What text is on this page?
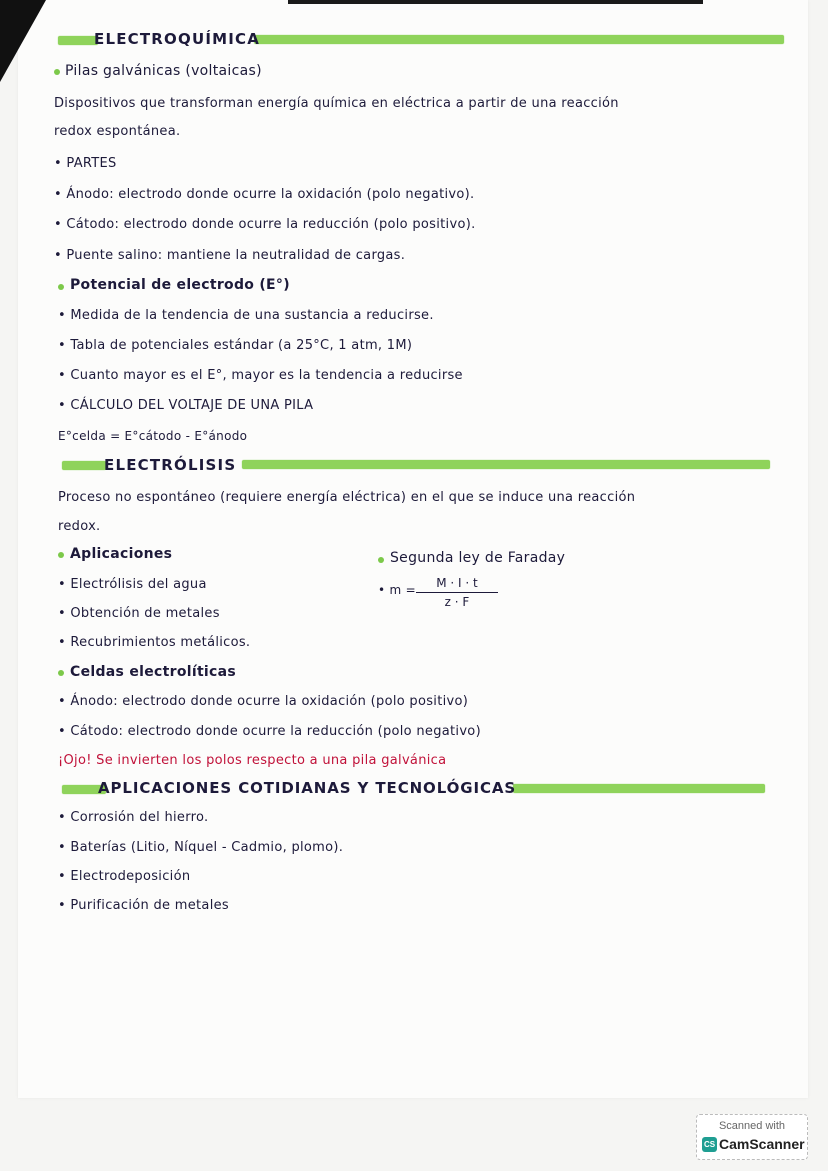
ELECTROQUÍMICA
Pilas galvánicas (voltaicas)
Dispositivos que transforman energía química en eléctrica a partir de una reacción
redox espontánea.
• PARTES
• Ánodo: electrodo donde ocurre la oxidación (polo negativo).
• Cátodo: electrodo donde ocurre la reducción (polo positivo).
• Puente salino: mantiene la neutralidad de cargas.
Potencial de electrodo (E°)
• Medida de la tendencia de una sustancia a reducirse.
• Tabla de potenciales estándar (a 25°C, 1 atm, 1M)
• Cuanto mayor es el E°, mayor es la tendencia a reducirse
• CÁLCULO DEL VOLTAJE DE UNA PILA
E°celda = E°cátodo - E°ánodo
ELECTRÓLISIS
Proceso no espontáneo (requiere energía eléctrica) en el que se induce una reacción
redox.
Aplicaciones
• Electrólisis del agua
• Obtención de metales
• Recubrimientos metálicos.
Segunda ley de Faraday
• m =	M · I · t
z · F
Celdas electrolíticas
• Ánodo: electrodo donde ocurre la oxidación (polo positivo)
• Cátodo: electrodo donde ocurre la reducción (polo negativo)
¡Ojo! Se invierten los polos respecto a una pila galvánica
APLICACIONES COTIDIANAS Y TECNOLÓGICAS
• Corrosión del hierro.
• Baterías (Litio, Níquel - Cadmio, plomo).
• Electrodeposición
• Purificación de metales
Scanned with
CS CamScanner
